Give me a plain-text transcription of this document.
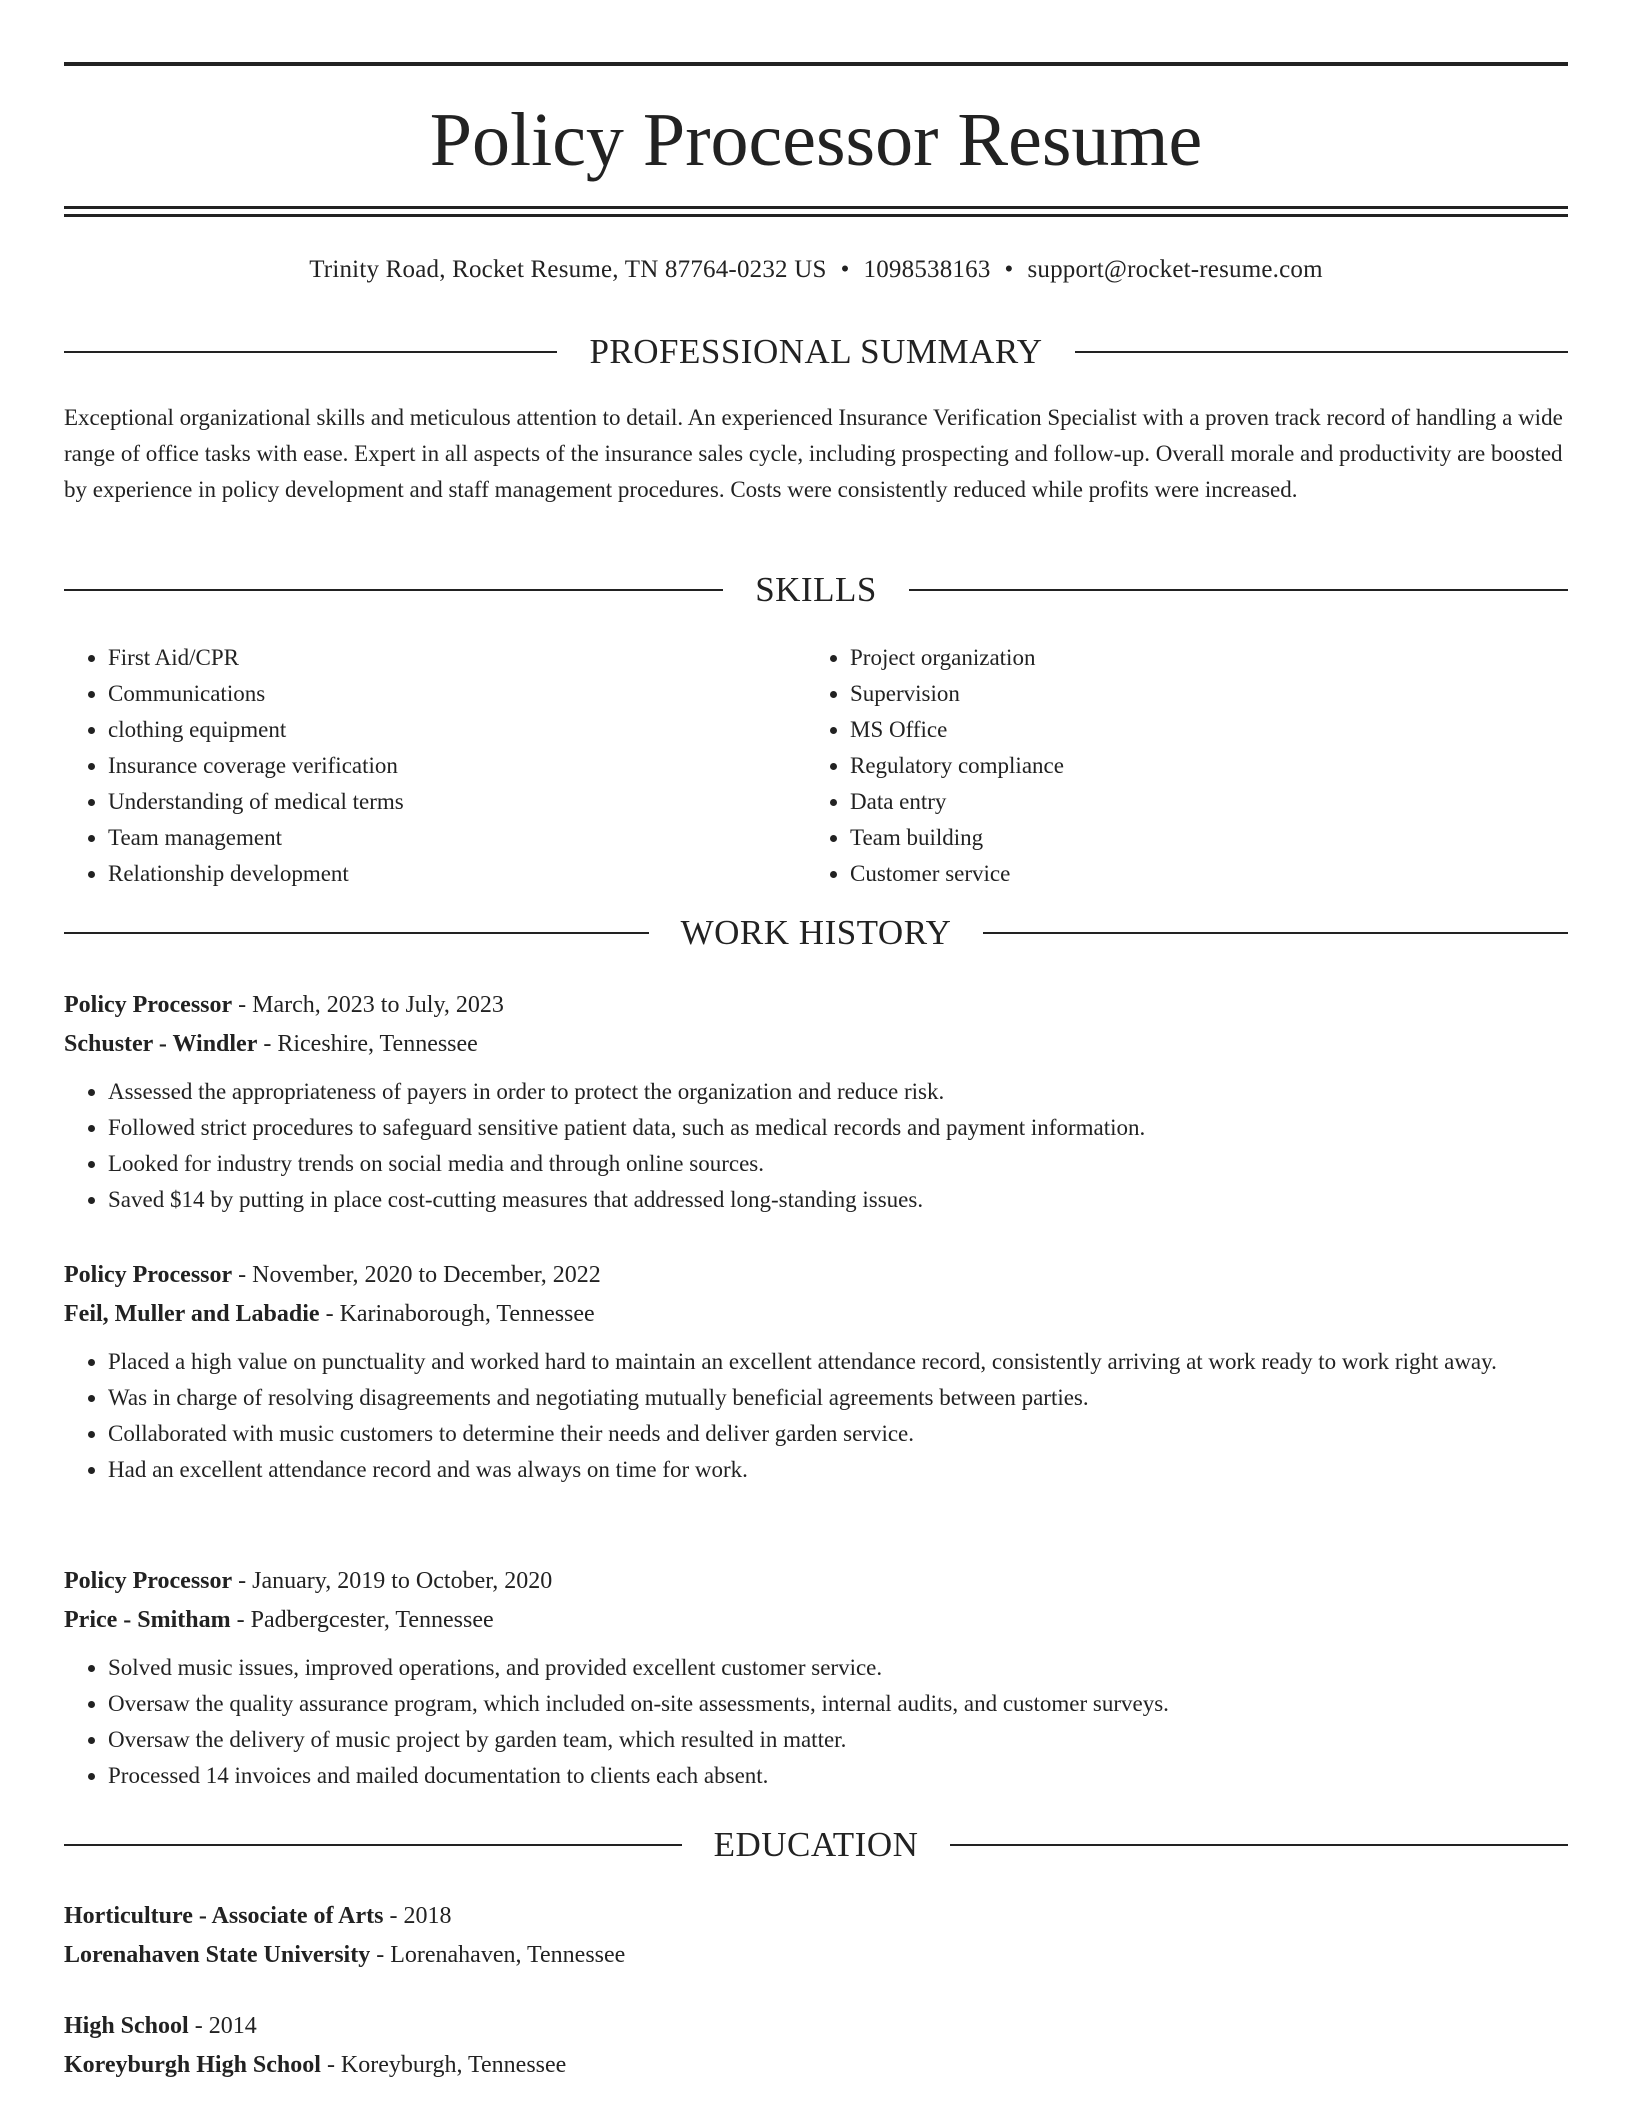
Policy Processor Resume
Trinity Road, Rocket Resume, TN 87764-0232 US • 1098538163 • support@rocket-resume.com
PROFESSIONAL SUMMARY

Exceptional organizational skills and meticulous attention to detail. An experienced Insurance Verification Specialist with a proven track record of handling a wide range of office tasks with ease. Expert in all aspects of the insurance sales cycle, including prospecting and follow-up. Overall morale and productivity are boosted by experience in policy development and staff management procedures. Costs were consistently reduced while profits were increased.

SKILLS
• First Aid/CPR
• Communications
• clothing equipment
• Insurance coverage verification
• Understanding of medical terms
• Team management
• Relationship development
• Project organization
• Supervision
• MS Office
• Regulatory compliance
• Data entry
• Team building
• Customer service
WORK HISTORY
Policy Processor - March, 2023 to July, 2023
Schuster - Windler - Riceshire, Tennessee
• Assessed the appropriateness of payers in order to protect the organization and reduce risk.
• Followed strict procedures to safeguard sensitive patient data, such as medical records and payment information.
• Looked for industry trends on social media and through online sources.
• Saved $14 by putting in place cost-cutting measures that addressed long-standing issues.
Policy Processor - November, 2020 to December, 2022
Feil, Muller and Labadie - Karinaborough, Tennessee
• Placed a high value on punctuality and worked hard to maintain an excellent attendance record, consistently arriving at work ready to work right away.
• Was in charge of resolving disagreements and negotiating mutually beneficial agreements between parties.
• Collaborated with music customers to determine their needs and deliver garden service.
• Had an excellent attendance record and was always on time for work.
Policy Processor - January, 2019 to October, 2020
Price - Smitham - Padbergcester, Tennessee
• Solved music issues, improved operations, and provided excellent customer service.
• Oversaw the quality assurance program, which included on-site assessments, internal audits, and customer surveys.
• Oversaw the delivery of music project by garden team, which resulted in matter.
• Processed 14 invoices and mailed documentation to clients each absent.
EDUCATION
Horticulture - Associate of Arts - 2018
Lorenahaven State University - Lorenahaven, Tennessee
High School - 2014
Koreyburgh High School - Koreyburgh, Tennessee
